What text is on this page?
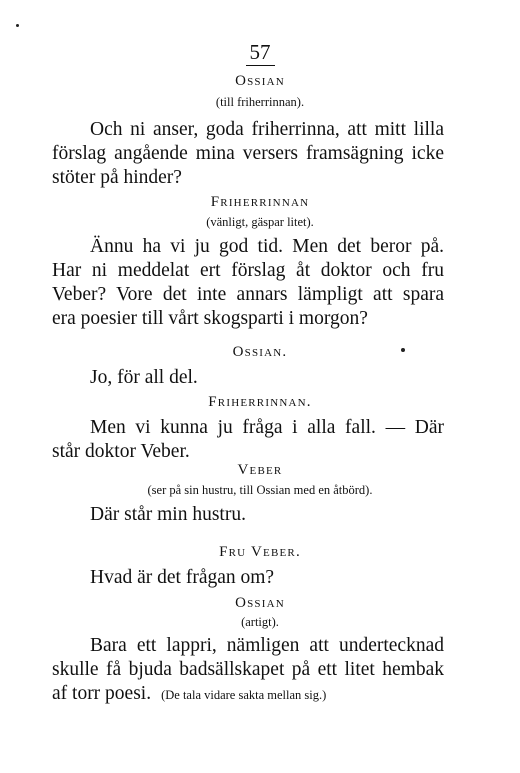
57
Ossian
(till friherrinnan).
Och ni anser, goda friherrinna, att mitt lilla
förslag angående mina versers framsägning icke
stöter på hinder?
Friherrinnan
(vänligt, gäspar litet).
Ännu ha vi ju god tid. Men det beror på.
Har ni meddelat ert förslag åt doktor och fru
Veber? Vore det inte annars lämpligt att spara
era poesier till vårt skogsparti i morgon?
Ossian.
Jo, för all del.
Friherrinnan.
Men vi kunna ju fråga i alla fall. — Där
står doktor Veber.
Veber
(ser på sin hustru, till Ossian med en åtbörd).
Där står min hustru.
Fru Veber.
Hvad är det frågan om?
Ossian
(artigt).
Bara ett lappri, nämligen att undertecknad
skulle få bjuda badsällskapet på ett litet hembak
af torr poesi. (De tala vidare sakta mellan sig.)
